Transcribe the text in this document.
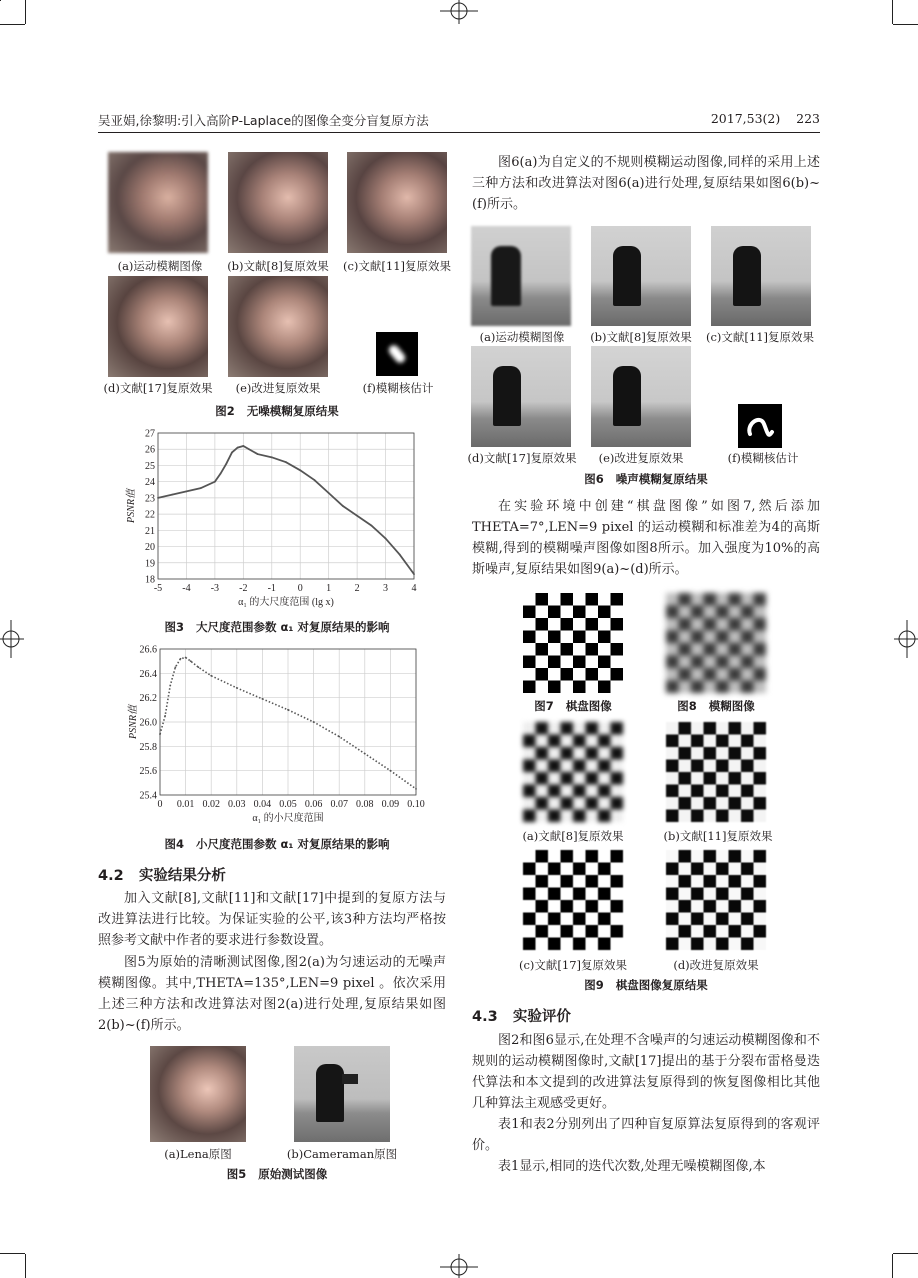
吴亚娟,徐黎明:引入高阶P-Laplace的图像全变分盲复原方法	2017,53(2)    223
(a)运动模糊图像	(b)文献[8]复原效果	(c)文献[11]复原效果
(d)文献[17]复原效果	(e)改进复原效果	(f)模糊核估计
图2   无噪模糊复原结果
-5 -4 -3 -2 -1 0 1 2 3 4
18
19
20
21
22
23
24
25
26
27
α₁ 的大尺度范围 (lg x)
PSNR值
图3   大尺度范围参数 α₁ 对复原结果的影响
0 0.01 0.02 0.03 0.04 0.05 0.06 0.07 0.08 0.09 0.10
25.4
25.6
25.8
26.0
26.2
26.4
26.6
α₁ 的小尺度范围
PSNR值
图4   小尺度范围参数 α₁ 对复原结果的影响
4.2   实验结果分析
加入文献[8],文献[11]和文献[17]中提到的复原方法与改进算法进行比较。为保证实验的公平,该3种方法均严格按照参考文献中作者的要求进行参数设置。
图5为原始的清晰测试图像,图2(a)为匀速运动的无噪声模糊图像。其中,THETA=135°,LEN=9 pixel 。依次采用上述三种方法和改进算法对图2(a)进行处理,复原结果如图2(b)~(f)所示。
(a)Lena原图	(b)Cameraman原图
图5   原始测试图像
图6(a)为自定义的不规则模糊运动图像,同样的采用上述三种方法和改进算法对图6(a)进行处理,复原结果如图6(b)~(f)所示。
(a)运动模糊图像	(b)文献[8]复原效果	(c)文献[11]复原效果
(d)文献[17]复原效果	(e)改进复原效果	(f)模糊核估计
图6   噪声模糊复原结果
在实验环境中创建“棋盘图像”如图7,然后添加THETA=7°,LEN=9 pixel 的运动模糊和标准差为4的高斯模糊,得到的模糊噪声图像如图8所示。加入强度为10%的高斯噪声,复原结果如图9(a)~(d)所示。
图7   棋盘图像	图8   模糊图像
(a)文献[8]复原效果	(b)文献[11]复原效果
(c)文献[17]复原效果	(d)改进复原效果
图9   棋盘图像复原结果
4.3   实验评价
图2和图6显示,在处理不含噪声的匀速运动模糊图像和不规则的运动模糊图像时,文献[17]提出的基于分裂布雷格曼迭代算法和本文提到的改进算法复原得到的恢复图像相比其他几种算法主观感受更好。
表1和表2分别列出了四种盲复原算法复原得到的客观评价。
表1显示,相同的迭代次数,处理无噪模糊图像,本
